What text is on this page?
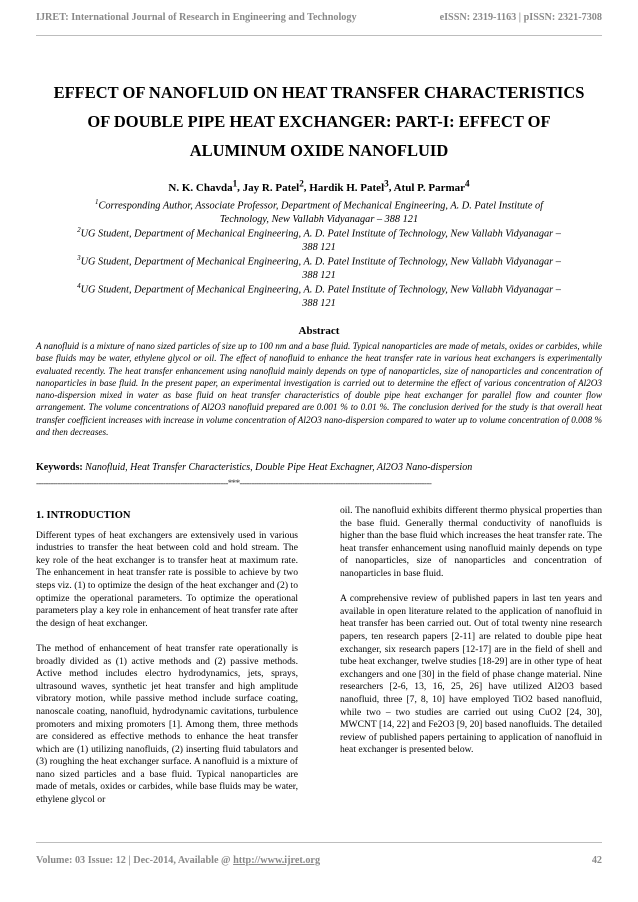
IJRET: International Journal of Research in Engineering and Technology	eISSN: 2319-1163 | pISSN: 2321-7308
EFFECT OF NANOFLUID ON HEAT TRANSFER CHARACTERISTICS
OF DOUBLE PIPE HEAT EXCHANGER: PART-I: EFFECT OF
ALUMINUM OXIDE NANOFLUID
N. K. Chavda$^1$, Jay R. Patel$^2$, Hardik H. Patel$^3$, Atul P. Parmar$^4$
$^1$Corresponding Author, Associate Professor, Department of Mechanical Engineering, A. D. Patel Institute of
Technology, New Vallabh Vidyanagar – 388 121
$^2$UG Student, Department of Mechanical Engineering, A. D. Patel Institute of Technology, New Vallabh Vidyanagar –
388 121
$^3$UG Student, Department of Mechanical Engineering, A. D. Patel Institute of Technology, New Vallabh Vidyanagar –
388 121
$^4$UG Student, Department of Mechanical Engineering, A. D. Patel Institute of Technology, New Vallabh Vidyanagar –
388 121
Abstract
A nanofluid is a mixture of nano sized particles of size up to 100 nm and a base fluid. Typical nanoparticles are made of metals, oxides or carbides, while base fluids may be water, ethylene glycol or oil. The effect of nanofluid to enhance the heat transfer rate in various heat exchangers is experimentally evaluated recently. The heat transfer enhancement using nanofluid mainly depends on type of nanoparticles, size of nanoparticles and concentration of nanoparticles in base fluid. In the present paper, an experimental investigation is carried out to determine the effect of various concentration of Al2O3 nano-dispersion mixed in water as base fluid on heat transfer characteristics of double pipe heat exchanger for parallel flow and counter flow arrangement. The volume concentrations of Al2O3 nanofluid prepared are 0.001 % to 0.01 %. The conclusion derived for the study is that overall heat transfer coefficient increases with increase in volume concentration of Al2O3 nano-dispersion compared to water up to volume concentration of 0.008 % and then decreases.
Keywords: Nanofluid, Heat Transfer Characteristics, Double Pipe Heat Exchagner, Al2O3 Nano-dispersion
--------------------------------------------------------------------------------***--------------------------------------------------------------------------------
1. INTRODUCTION

Different types of heat exchangers are extensively used in various industries to transfer the heat between cold and hold stream. The key role of the heat exchanger is to transfer heat at maximum rate. The enhancement in heat transfer rate is possible to achieve by two steps viz. (1) to optimize the design of the heat exchanger and (2) to optimize the operational parameters. To optimize the operational parameters play a key role in enhancement of heat transfer rate after the design of heat exchanger.

The method of enhancement of heat transfer rate operationally is broadly divided as (1) active methods and (2) passive methods. Active method includes electro hydrodynamics, jets, sprays, ultrasound waves, synthetic jet heat transfer and high amplitude vibratory motion, while passive method include surface coating, nanoscale coating, nanofluid, hydrodynamic cavitations, turbulence promoters and mixing promoters [1]. Among them, three methods are considered as effective methods to enhance the heat transfer which are (1) utilizing nanofluids, (2) inserting fluid tabulators and (3) roughing the heat exchanger surface. A nanofluid is a mixture of nano sized particles and a base fluid. Typical nanoparticles are made of metals, oxides or carbides, while base fluids may be water, ethylene glycol or

oil. The nanofluid exhibits different thermo physical properties than the base fluid. Generally thermal conductivity of nanofluids is higher than the base fluid which increases the heat transfer rate. The heat transfer enhancement using nanofluid mainly depends on type of nanoparticles, size of nanoparticles and concentration of nanoparticles in base fluid.

A comprehensive review of published papers in last ten years and available in open literature related to the application of nanofluid in heat transfer has been carried out. Out of total twenty nine research papers, ten research papers [2-11] are related to double pipe heat exchanger, six research papers [12-17] are in the field of shell and tube heat exchanger, twelve studies [18-29] are in other type of heat exchangers and one [30] in the field of phase change material. Nine researchers [2-6, 13, 16, 25, 26] have utilized Al2O3 based nanofluid, three [7, 8, 10] have employed TiO2 based nanofluid, while two – two studies are carried out using CuO2 [24, 30], MWCNT [14, 22] and Fe2O3 [9, 20] based nanofluids. The detailed review of published papers pertaining to application of nanofluid in heat exchanger is presented below.

Volume: 03 Issue: 12 | Dec-2014, Available @ http://www.ijret.org	42
